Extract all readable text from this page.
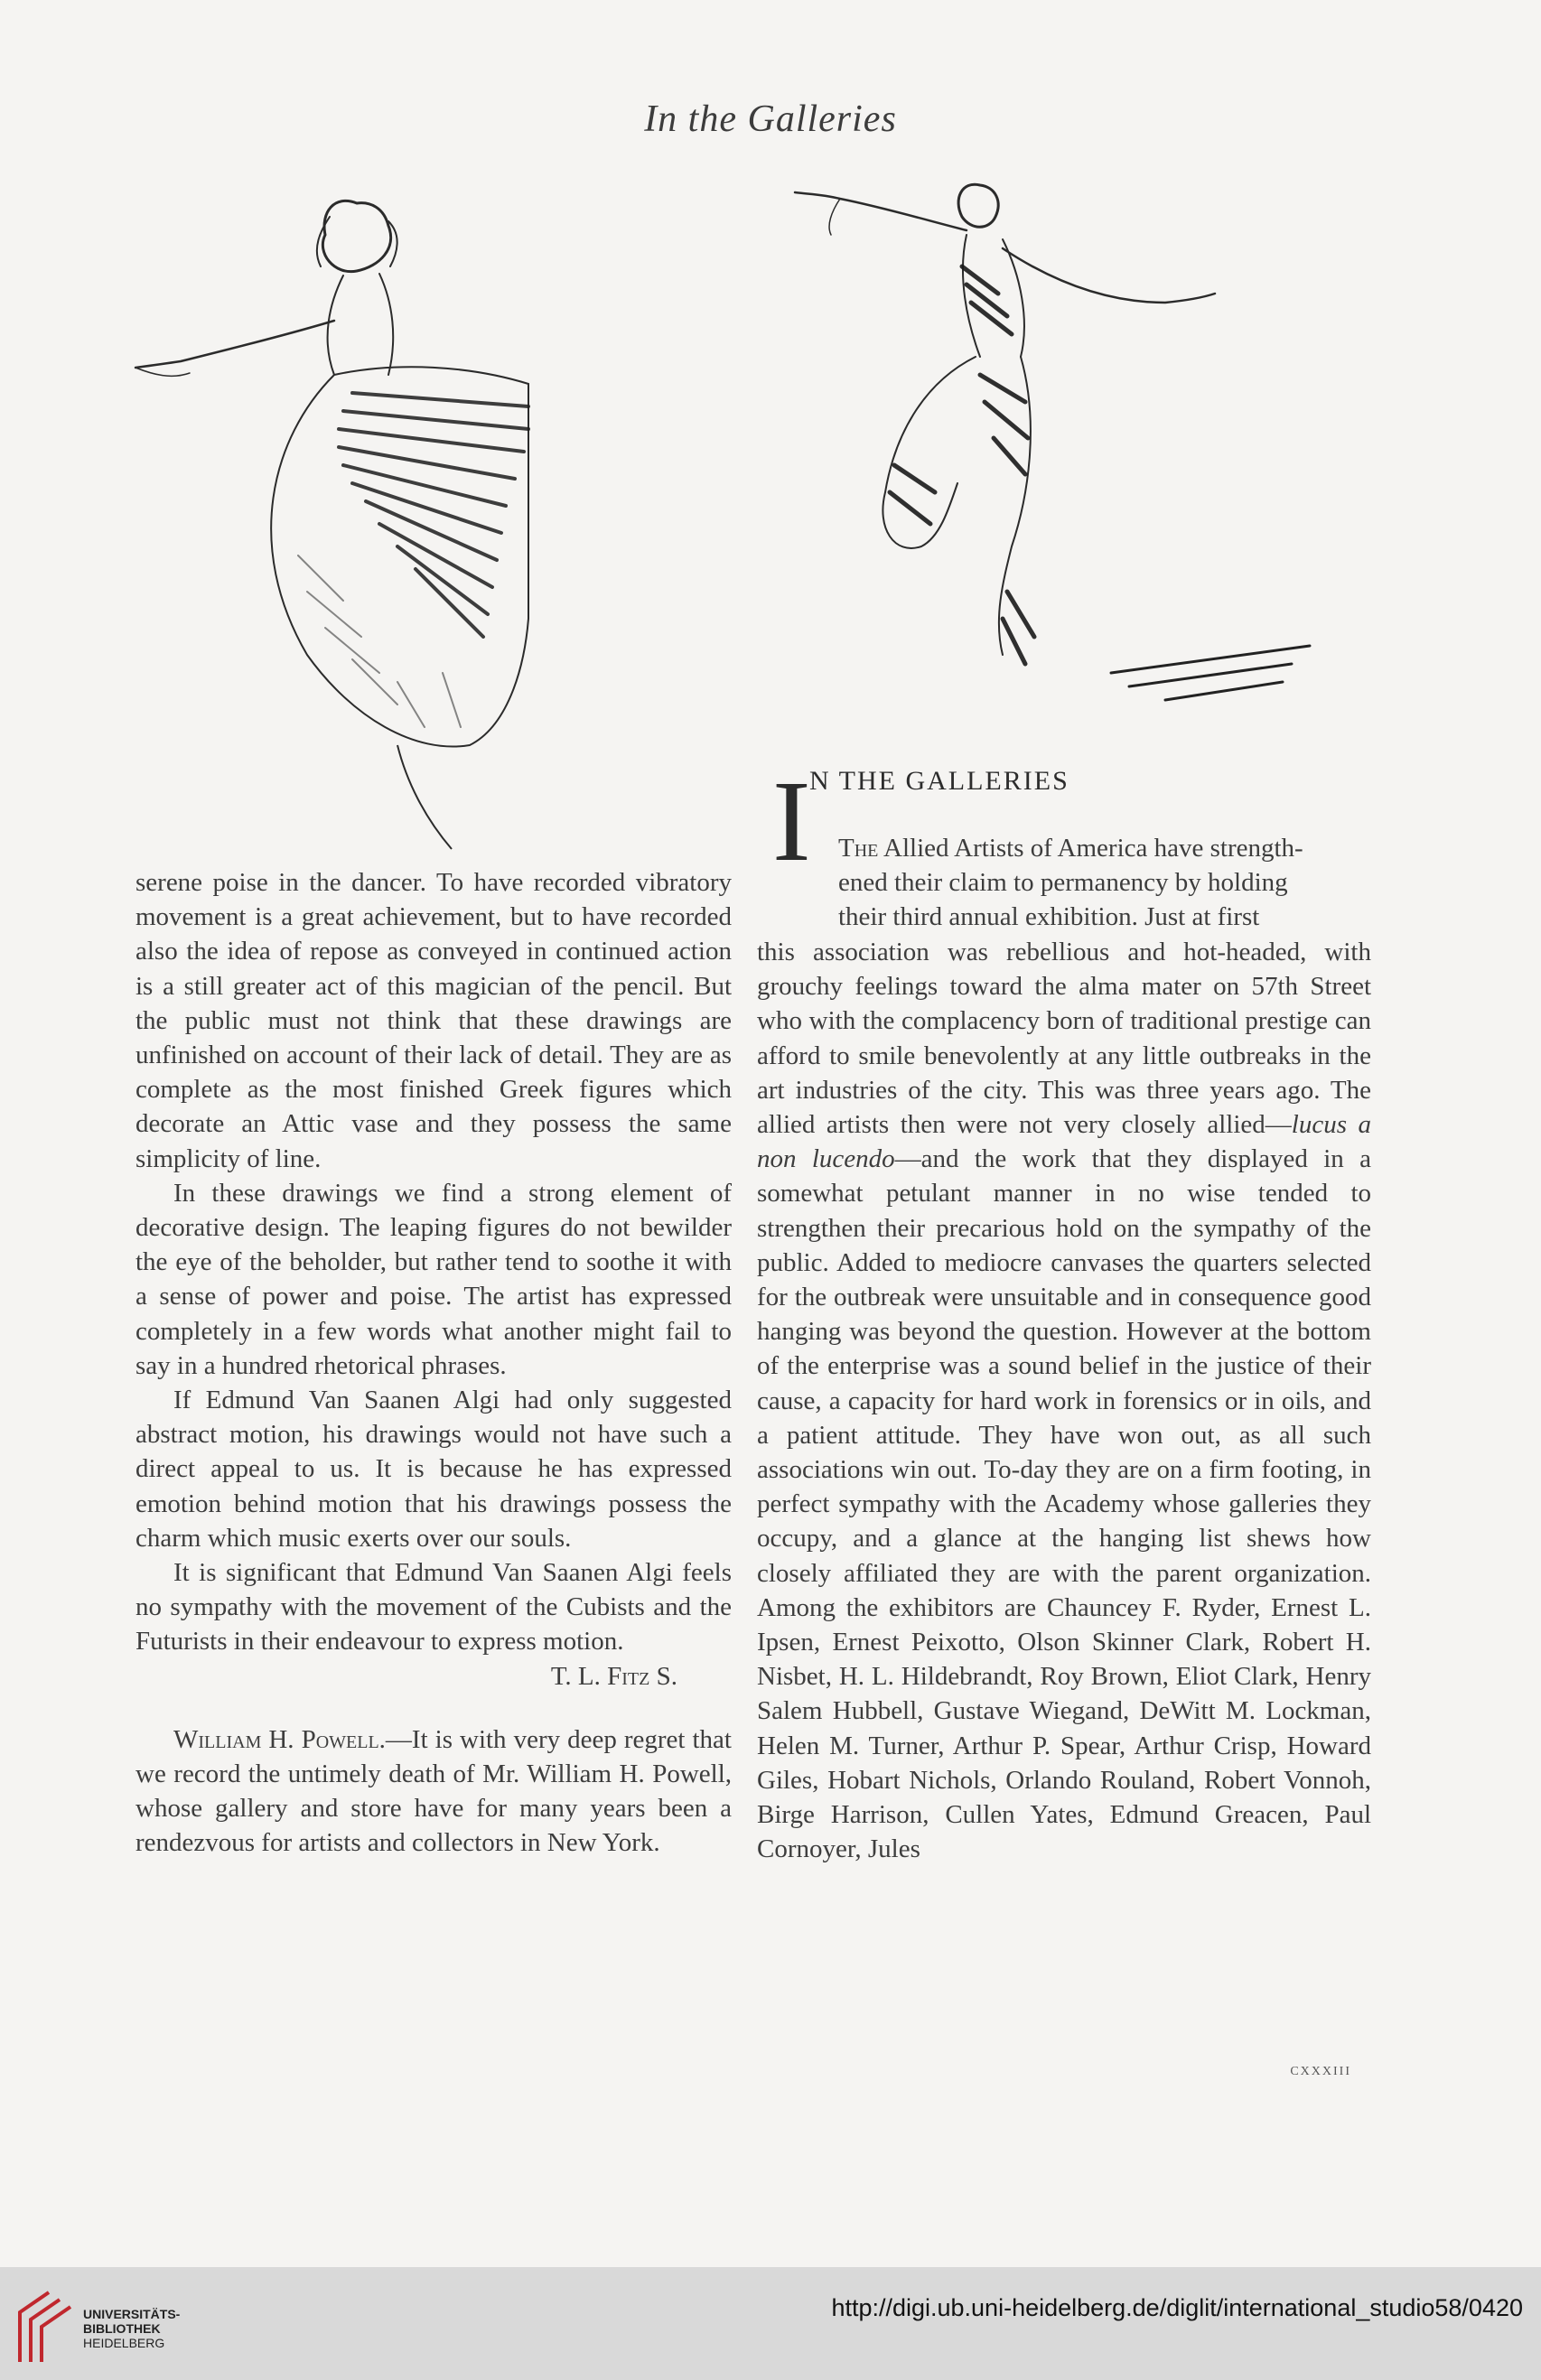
In the Galleries

serene poise in the dancer. To have recorded vibratory movement is a great achievement, but to have recorded also the idea of repose as conveyed in continued action is a still greater act of this magician of the pencil. But the public must not think that these drawings are unfinished on account of their lack of detail. They are as complete as the most finished Greek figures which decorate an Attic vase and they possess the same simplicity of line.

In these drawings we find a strong element of decorative design. The leaping figures do not bewilder the eye of the beholder, but rather tend to soothe it with a sense of power and poise. The artist has expressed completely in a few words what another might fail to say in a hundred rhetorical phrases.

If Edmund Van Saanen Algi had only suggested abstract motion, his drawings would not have such a direct appeal to us. It is because he has expressed emotion behind motion that his drawings possess the charm which music exerts over our souls.

It is significant that Edmund Van Saanen Algi feels no sympathy with the movement of the Cubists and the Futurists in their endeavour to express motion.

T. L. Fitz S.

William H. Powell.—It is with very deep regret that we record the untimely death of Mr. William H. Powell, whose gallery and store have for many years been a rendezvous for artists and collectors in New York.

I
N THE GALLERIES

The Allied Artists of America have strength-

ened their claim to permanency by holding

their third annual exhibition. Just at first

this association was rebellious and hot-headed, with grouchy feelings toward the alma mater on 57th Street who with the complacency born of traditional prestige can afford to smile benevolently at any little outbreaks in the art industries of the city. This was three years ago. The allied artists then were not very closely allied—lucus a non lucendo—and the work that they displayed in a somewhat petulant manner in no wise tended to strengthen their precarious hold on the sympathy of the public. Added to mediocre canvases the quarters selected for the outbreak were unsuitable and in consequence good hanging was beyond the question. However at the bottom of the enterprise was a sound belief in the justice of their cause, a capacity for hard work in forensics or in oils, and a patient attitude. They have won out, as all such associations win out. To-day they are on a firm footing, in perfect sympathy with the Academy whose galleries they occupy, and a glance at the hanging list shews how closely affiliated they are with the parent organization. Among the exhibitors are Chauncey F. Ryder, Ernest L. Ipsen, Ernest Peixotto, Olson Skinner Clark, Robert H. Nisbet, H. L. Hildebrandt, Roy Brown, Eliot Clark, Henry Salem Hubbell, Gustave Wiegand, DeWitt M. Lockman, Helen M. Turner, Arthur P. Spear, Arthur Crisp, Howard Giles, Hobart Nichols, Orlando Rouland, Robert Vonnoh, Birge Harrison, Cullen Yates, Edmund Greacen, Paul Cornoyer, Jules

cxxxiii
UNIVERSITÄTS-
BIBLIOTHEK
HEIDELBERG
http://digi.ub.uni-heidelberg.de/diglit/international_studio58/0420
